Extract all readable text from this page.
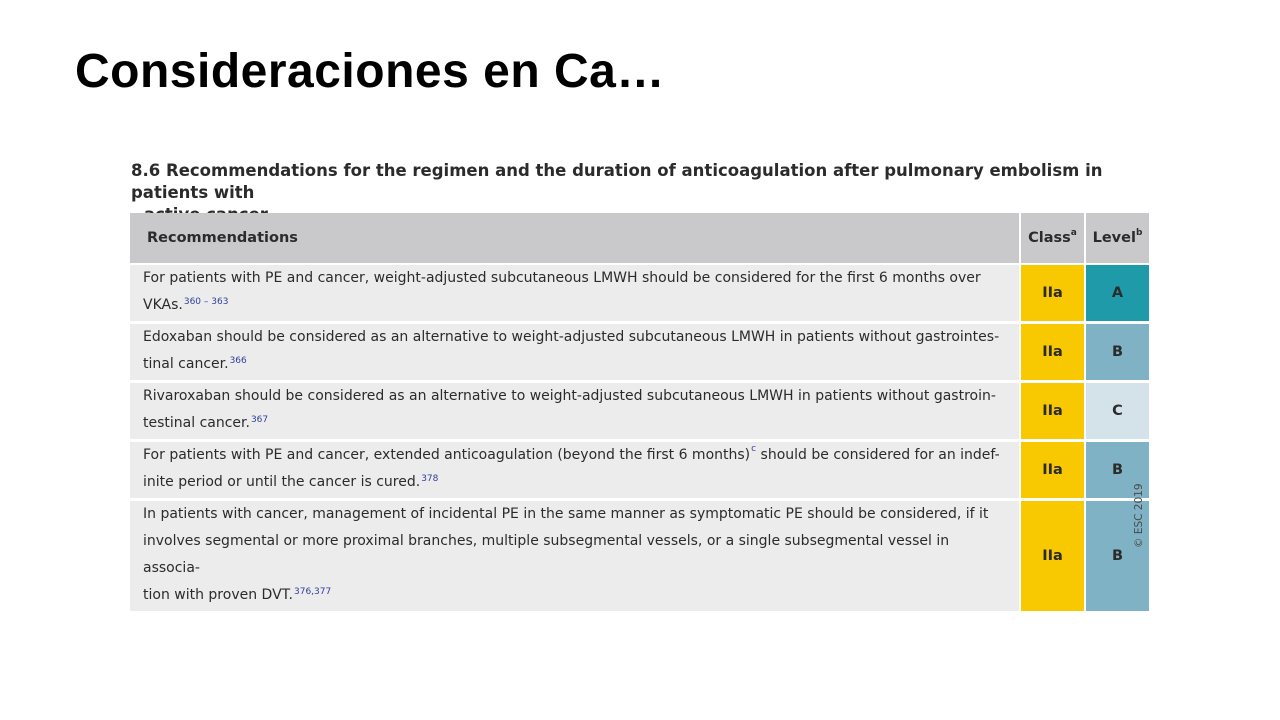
Consideraciones en Ca…
8.6 Recommendations for the regimen and the duration of anticoagulation after pulmonary embolism in patients with
Recommendations	Class$^a$	Level$^b$
For patients with PE and cancer, weight-adjusted subcutaneous LMWH should be considered for the first 6 months over
VKAs.$^{360 - 363}$	IIa	A
Edoxaban should be considered as an alternative to weight-adjusted subcutaneous LMWH in patients without gastrointes-
tinal cancer.$^{366}$	IIa	B
Rivaroxaban should be considered as an alternative to weight-adjusted subcutaneous LMWH in patients without gastroin-
testinal cancer.$^{367}$	IIa	C
For patients with PE and cancer, extended anticoagulation (beyond the first 6 months)$^c$ should be considered for an indef-
inite period or until the cancer is cured.$^{378}$	IIa	B
In patients with cancer, management of incidental PE in the same manner as symptomatic PE should be considered, if it
involves segmental or more proximal branches, multiple subsegmental vessels, or a single subsegmental vessel in associa-
tion with proven DVT.$^{376,377}$	IIa	B
© ESC 2019
